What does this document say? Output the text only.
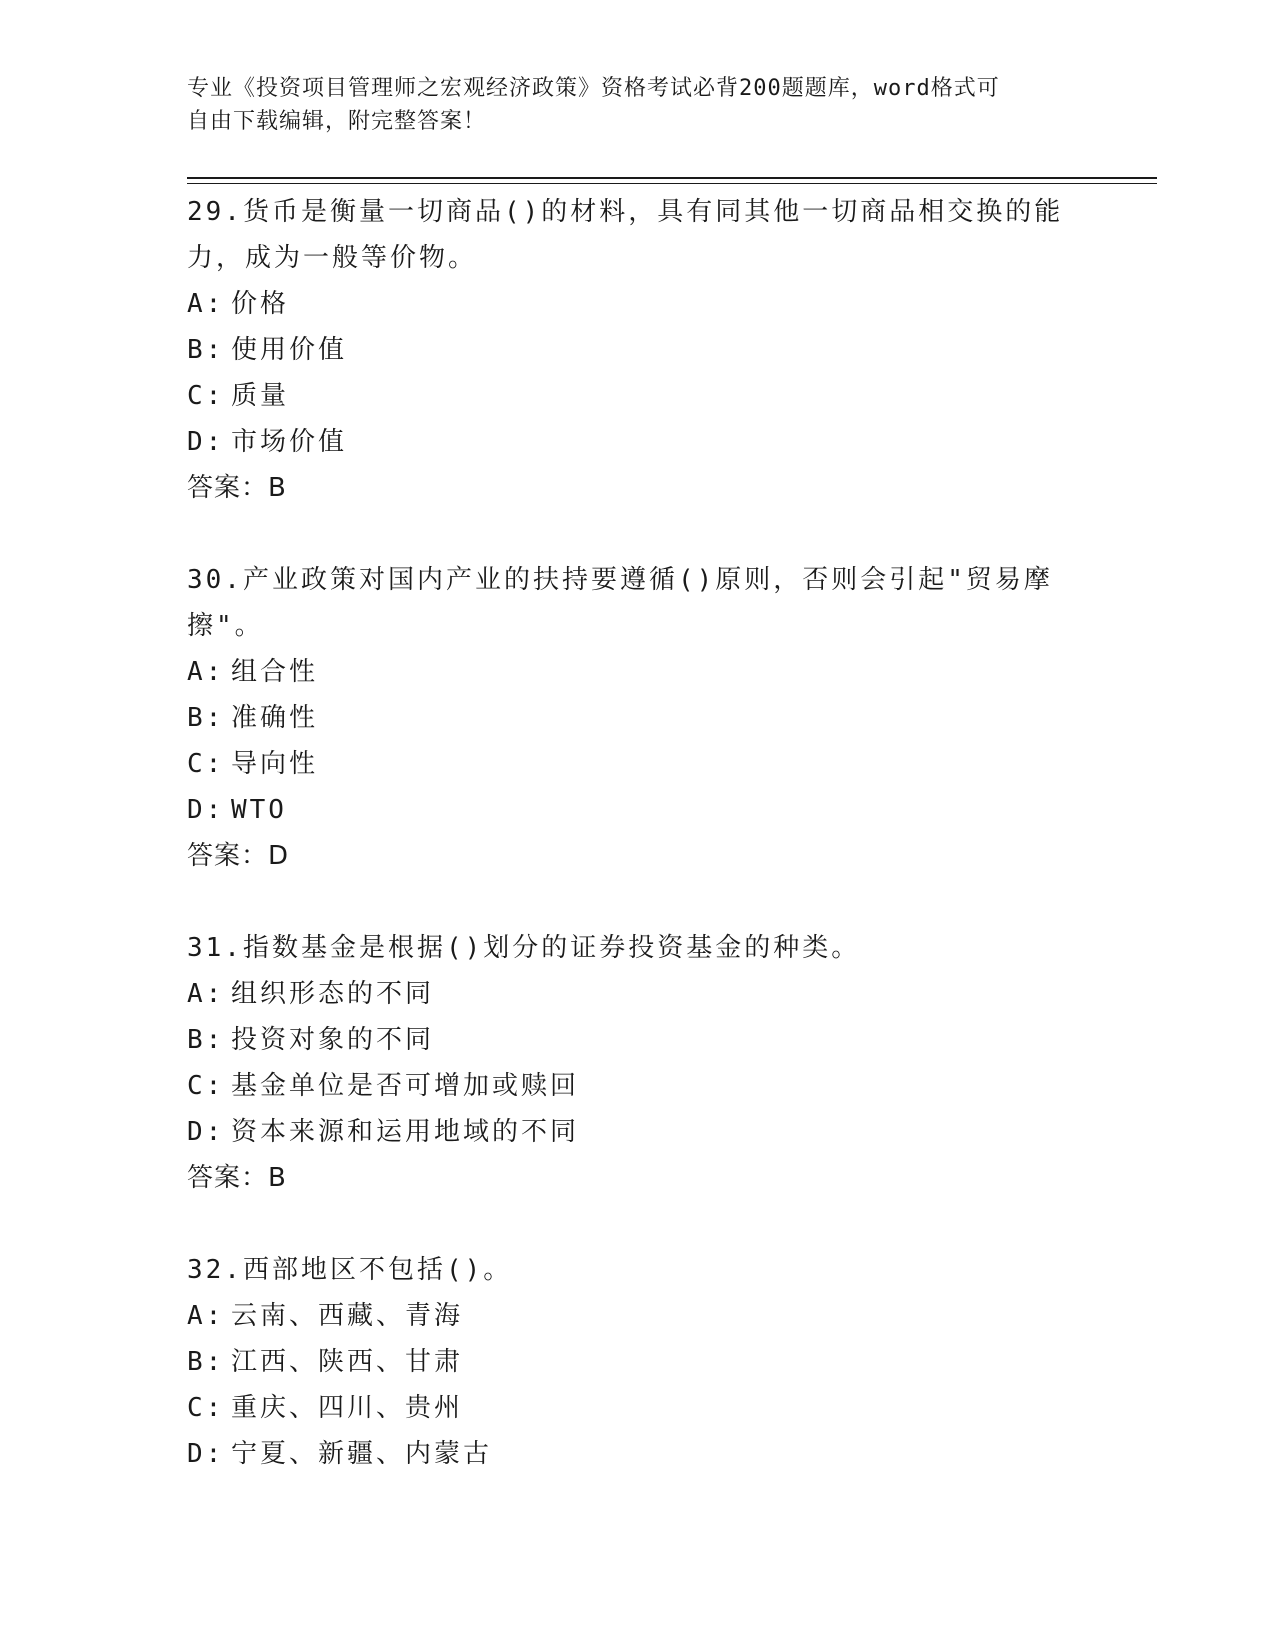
专业《投资项目管理师之宏观经济政策》资格考试必背200题题库，word格式可
自由下载编辑，附完整答案！

29.货币是衡量一切商品()的材料，具有同其他一切商品相交换的能力，成为一般等价物。

A: 价格

B: 使用价值

C: 质量

D: 市场价值

答案：B

30.产业政策对国内产业的扶持要遵循()原则，否则会引起"贸易摩擦"。

A: 组合性

B: 准确性

C: 导向性

D: WTO

答案：D

31.指数基金是根据()划分的证券投资基金的种类。

A: 组织形态的不同

B: 投资对象的不同

C: 基金单位是否可增加或赎回

D: 资本来源和运用地域的不同

答案：B

32.西部地区不包括()。

A: 云南、西藏、青海

B: 江西、陕西、甘肃

C: 重庆、四川、贵州

D: 宁夏、新疆、内蒙古
